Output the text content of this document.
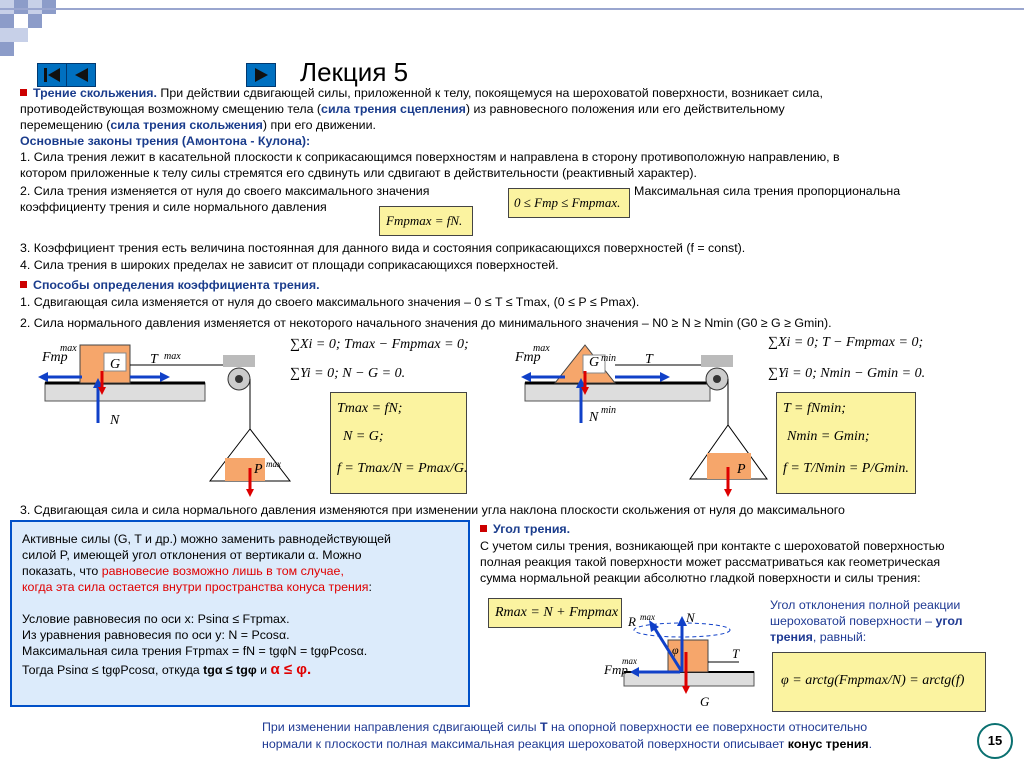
Лекция 5
Трение скольжения. При действии сдвигающей силы, приложенной к телу, покоящемуся на шероховатой поверхности, возникает сила,
противодействующая возможному смещению тела (сила трения сцепления) из равновесного положения или его действительному
перемещению (сила трения скольжения) при его движении.
Основные законы трения (Амонтона - Кулона):
1. Сила трения лежит в касательной плоскости к соприкасающимся поверхностям и направлена в сторону противоположную направлению, в
котором приложенные к телу силы стремятся его сдвинуть или сдвигают в действительности (реактивный характер).
2. Сила трения изменяется от нуля до своего максимального значения	Максимальная сила трения пропорциональна
коэффициенту трения и силе нормального давления	0 ≤ Fтр ≤ Fтрmax.
Fтрmax = fN.
3. Коэффициент трения есть величина постоянная для данного вида и состояния соприкасающихся поверхностей (f = const).
4. Сила трения в широких пределах не зависит от площади соприкасающихся поверхностей.
Способы определения коэффициента трения.
1. Сдвигающая сила изменяется от нуля до своего максимального значения – 0 ≤ T ≤ Tmax, (0 ≤ P ≤ Pmax).
2. Сила нормального давления изменяется от некоторого начального значения до минимального значения – N0 ≥ N ≥ Nmin (G0 ≥ G ≥ Gmin).
Fтр
max
G T max
N
P max
∑Xi = 0; Tmax − Fтрmax = 0;
∑Yi = 0; N − G = 0.
Tmax = fN;
N = G;
f = Tmax/N = Pmax/G.
Fтр
max
G min T
N min
P
∑Xi = 0; T − Fтрmax = 0;
∑Yi = 0; Nmin − Gmin = 0.
T = fNmin;
Nmin = Gmin;
f = T/Nmin = P/Gmin.
3. Сдвигающая сила и сила нормального давления изменяются при изменении угла наклона плоскости скольжения от нуля до максимального
Активные силы (G, T и др.) можно заменить равнодействующей
силой P, имеющей угол отклонения от вертикали α. Можно
показать, что равновесие возможно лишь в том случае,
когда эта сила остается внутри пространства конуса трения:
Условие равновесия по оси x: Psinα ≤ Fтрmax.
Из уравнения равновесия по оси y: N = Pcosα.
Максимальная сила трения Fтрmax = fN = tgφN = tgφPcosα.
Тогда Psinα ≤ tgφPcosα, откуда tgα ≤ tgφ и α ≤ φ.
Угол трения.
С учетом силы трения, возникающей при контакте с шероховатой поверхностью
полная реакция такой поверхности может рассматриваться как геометрическая
сумма нормальной реакции абсолютно гладкой поверхности и силы трения:
Rmax = N + Fтрmax
R max N
φ	T
Fтр
max
G
Угол отклонения полной реакции
шероховатой поверхности – угол
трения, равный:
φ = arctg(Fтрmax/N) = arctg(f)
При изменении направления сдвигающей силы T на опорной поверхности ее поверхности относительно
нормали к плоскости полная максимальная реакция шероховатой поверхности описывает конус трения.	15
